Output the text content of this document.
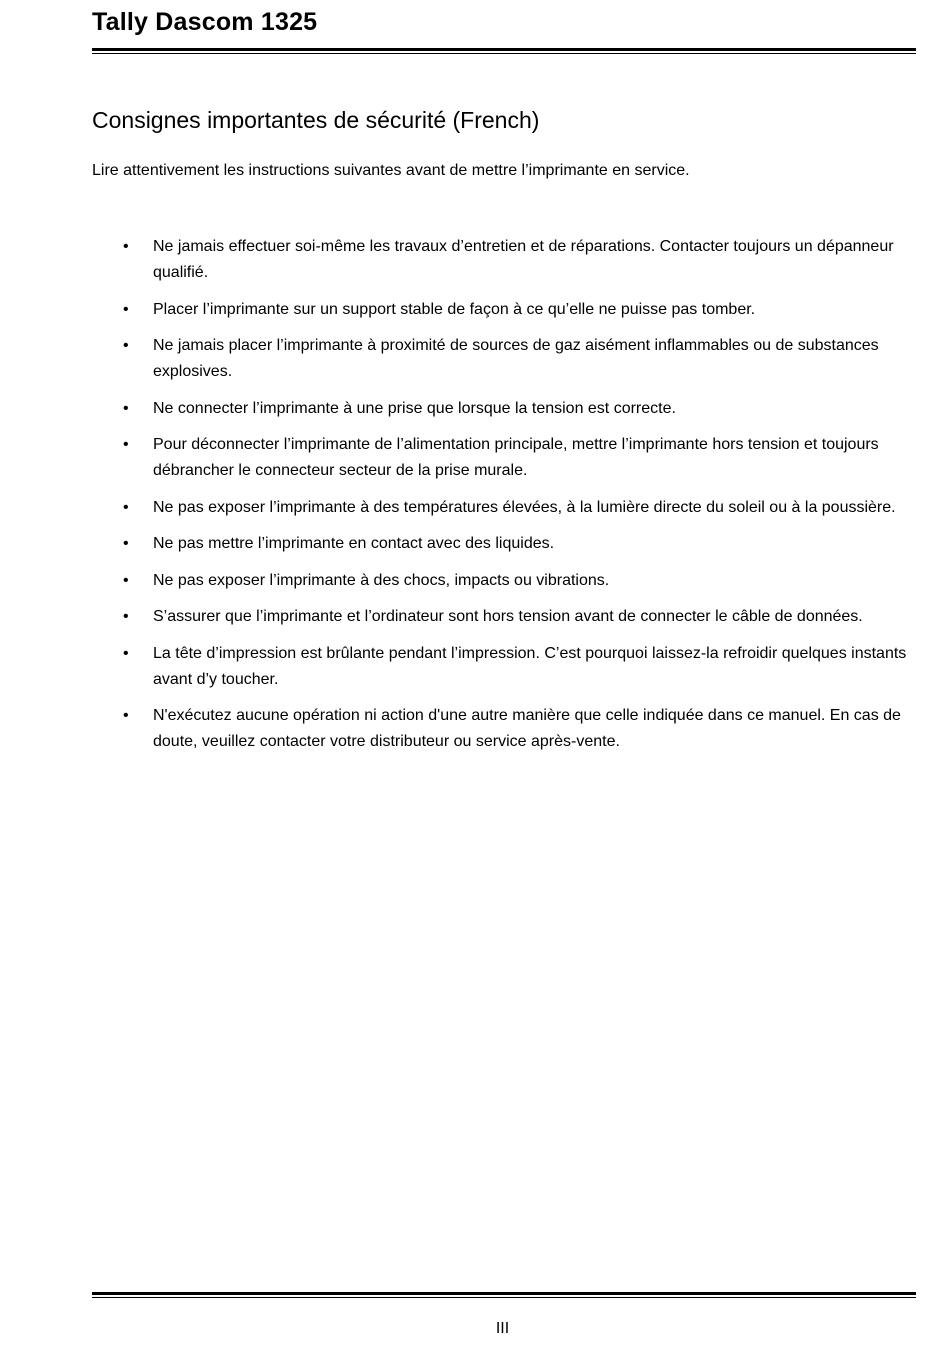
Tally Dascom 1325
Consignes importantes de sécurité (French)

Lire attentivement les instructions suivantes avant de mettre l’imprimante en service.

• Ne jamais effectuer soi-même les travaux d’entretien et de réparations. Contacter toujours un dépanneur qualifié.
• Placer l’imprimante sur un support stable de façon à ce qu’elle ne puisse pas tomber.
• Ne jamais placer l’imprimante à proximité de sources de gaz aisément inflammables ou de substances explosives.
• Ne connecter l’imprimante à une prise que lorsque la tension est correcte.
• Pour déconnecter l’imprimante de l’alimentation principale, mettre l’imprimante hors tension et toujours débrancher le connecteur secteur de la prise murale.
• Ne pas exposer l’imprimante à des températures élevées, à la lumière directe du soleil ou à la poussière.
• Ne pas mettre l’imprimante en contact avec des liquides.
• Ne pas exposer l’imprimante à des chocs, impacts ou vibrations.
• S’assurer que l’imprimante et l’ordinateur sont hors tension avant de connecter le câble de données.
• La tête d’impression est brûlante pendant l’impression. C’est pourquoi laissez-la refroidir quelques instants avant d’y toucher.
• N'exécutez aucune opération ni action d'une autre manière que celle indiquée dans ce manuel. En cas de doute, veuillez contacter votre distributeur ou service après-vente.
III
